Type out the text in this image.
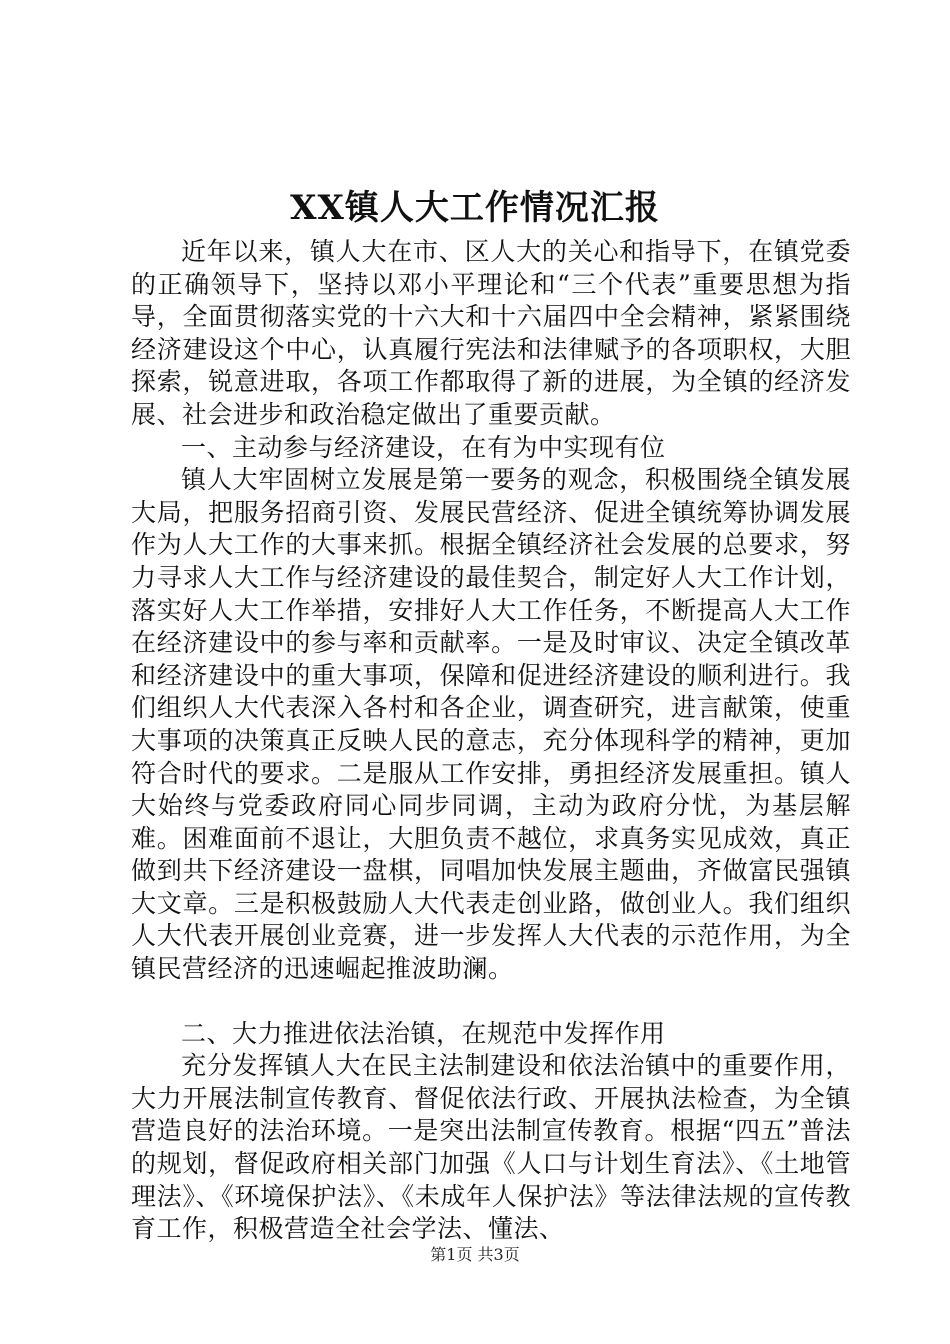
XX镇人大工作情况汇报

近年以来，镇人大在市、区人大的关心和指导下，在镇党委的正确领导下，坚持以邓小平理论和“三个代表”重要思想为指导，全面贯彻落实党的十六大和十六届四中全会精神，紧紧围绕经济建设这个中心，认真履行宪法和法律赋予的各项职权，大胆探索，锐意进取，各项工作都取得了新的进展，为全镇的经济发展、社会进步和政治稳定做出了重要贡献。

一、主动参与经济建设，在有为中实现有位

镇人大牢固树立发展是第一要务的观念，积极围绕全镇发展大局，把服务招商引资、发展民营经济、促进全镇统筹协调发展作为人大工作的大事来抓。根据全镇经济社会发展的总要求，努力寻求人大工作与经济建设的最佳契合，制定好人大工作计划，落实好人大工作举措，安排好人大工作任务，不断提高人大工作在经济建设中的参与率和贡献率。一是及时审议、决定全镇改革和经济建设中的重大事项，保障和促进经济建设的顺利进行。我们组织人大代表深入各村和各企业，调查研究，进言献策，使重大事项的决策真正反映人民的意志，充分体现科学的精神，更加符合时代的要求。二是服从工作安排，勇担经济发展重担。镇人大始终与党委政府同心同步同调，主动为政府分忧，为基层解难。困难面前不退让，大胆负责不越位，求真务实见成效，真正做到共下经济建设一盘棋，同唱加快发展主题曲，齐做富民强镇大文章。三是积极鼓励人大代表走创业路，做创业人。我们组织人大代表开展创业竞赛，进一步发挥人大代表的示范作用，为全镇民营经济的迅速崛起推波助澜。

二、大力推进依法治镇，在规范中发挥作用

充分发挥镇人大在民主法制建设和依法治镇中的重要作用，大力开展法制宣传教育、督促依法行政、开展执法检查，为全镇营造良好的法治环境。一是突出法制宣传教育。根据“四五”普法的规划，督促政府相关部门加强《人口与计划生育法》、《土地管理法》、《环境保护法》、《未成年人保护法》等法律法规的宣传教育工作，积极营造全社会学法、懂法、

第1页 共3页
